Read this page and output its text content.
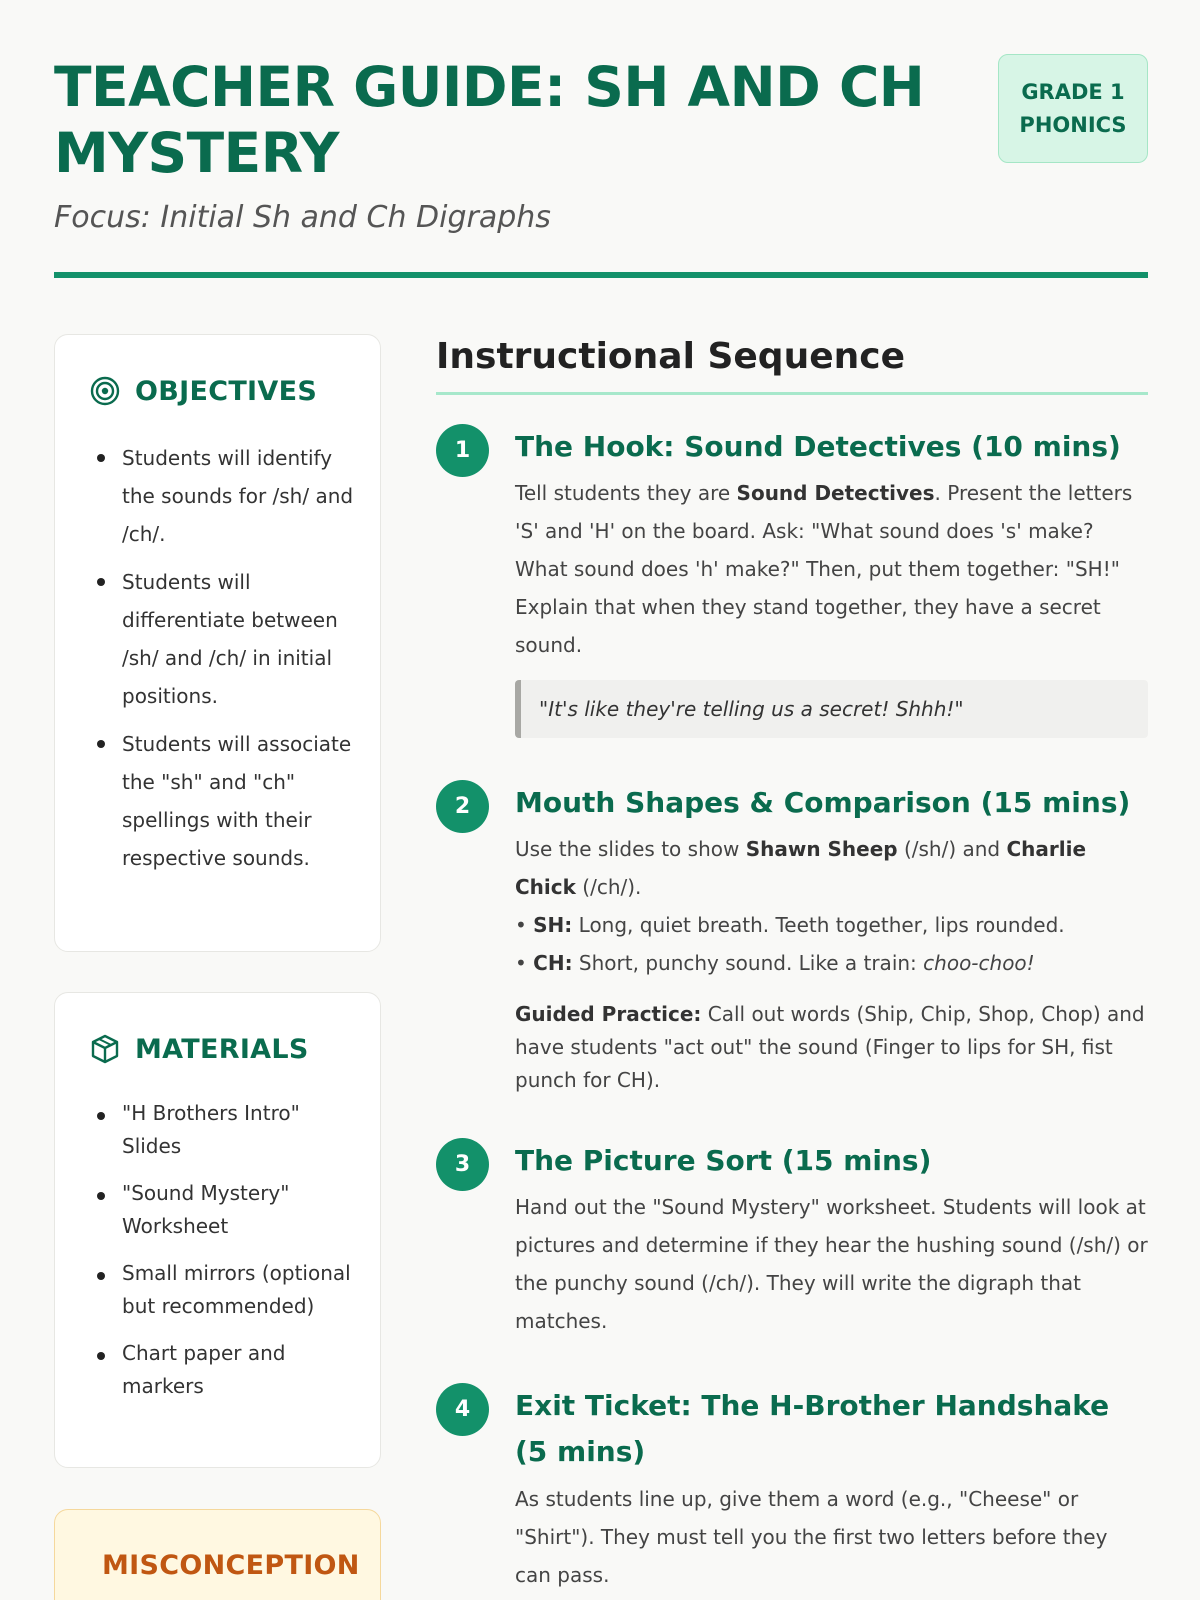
TEACHER GUIDE: SH AND CH MYSTERY
GRADE 1 PHONICS
Focus: Initial Sh and Ch Digraphs
OBJECTIVES
Students will identify the sounds for /sh/ and /ch/.
Students will differentiate between /sh/ and /ch/ in initial positions.
Students will associate the "sh" and "ch" spellings with their respective sounds.
MATERIALS
"H Brothers Intro" Slides
"Sound Mystery" Worksheet
Small mirrors (optional but recommended)
Chart paper and markers
MISCONCEPTION
Instructional Sequence
1	The Hook: Sound Detectives (10 mins)
Tell students they are Sound Detectives. Present the letters 'S' and 'H' on the board. Ask: "What sound does 's' make? What sound does 'h' make?" Then, put them together: "SH!" Explain that when they stand together, they have a secret sound.
"It's like they're telling us a secret! Shhh!"
2	Mouth Shapes & Comparison (15 mins)
Use the slides to show Shawn Sheep (/sh/) and Charlie Chick (/ch/).
• SH: Long, quiet breath. Teeth together, lips rounded.
• CH: Short, punchy sound. Like a train: choo-choo!
Guided Practice: Call out words (Ship, Chip, Shop, Chop) and have students "act out" the sound (Finger to lips for SH, fist punch for CH).
3	The Picture Sort (15 mins)
Hand out the "Sound Mystery" worksheet. Students will look at pictures and determine if they hear the hushing sound (/sh/) or the punchy sound (/ch/). They will write the digraph that matches.
4	Exit Ticket: The H-Brother Handshake (5 mins)
As students line up, give them a word (e.g., "Cheese" or "Shirt"). They must tell you the first two letters before they can pass.
